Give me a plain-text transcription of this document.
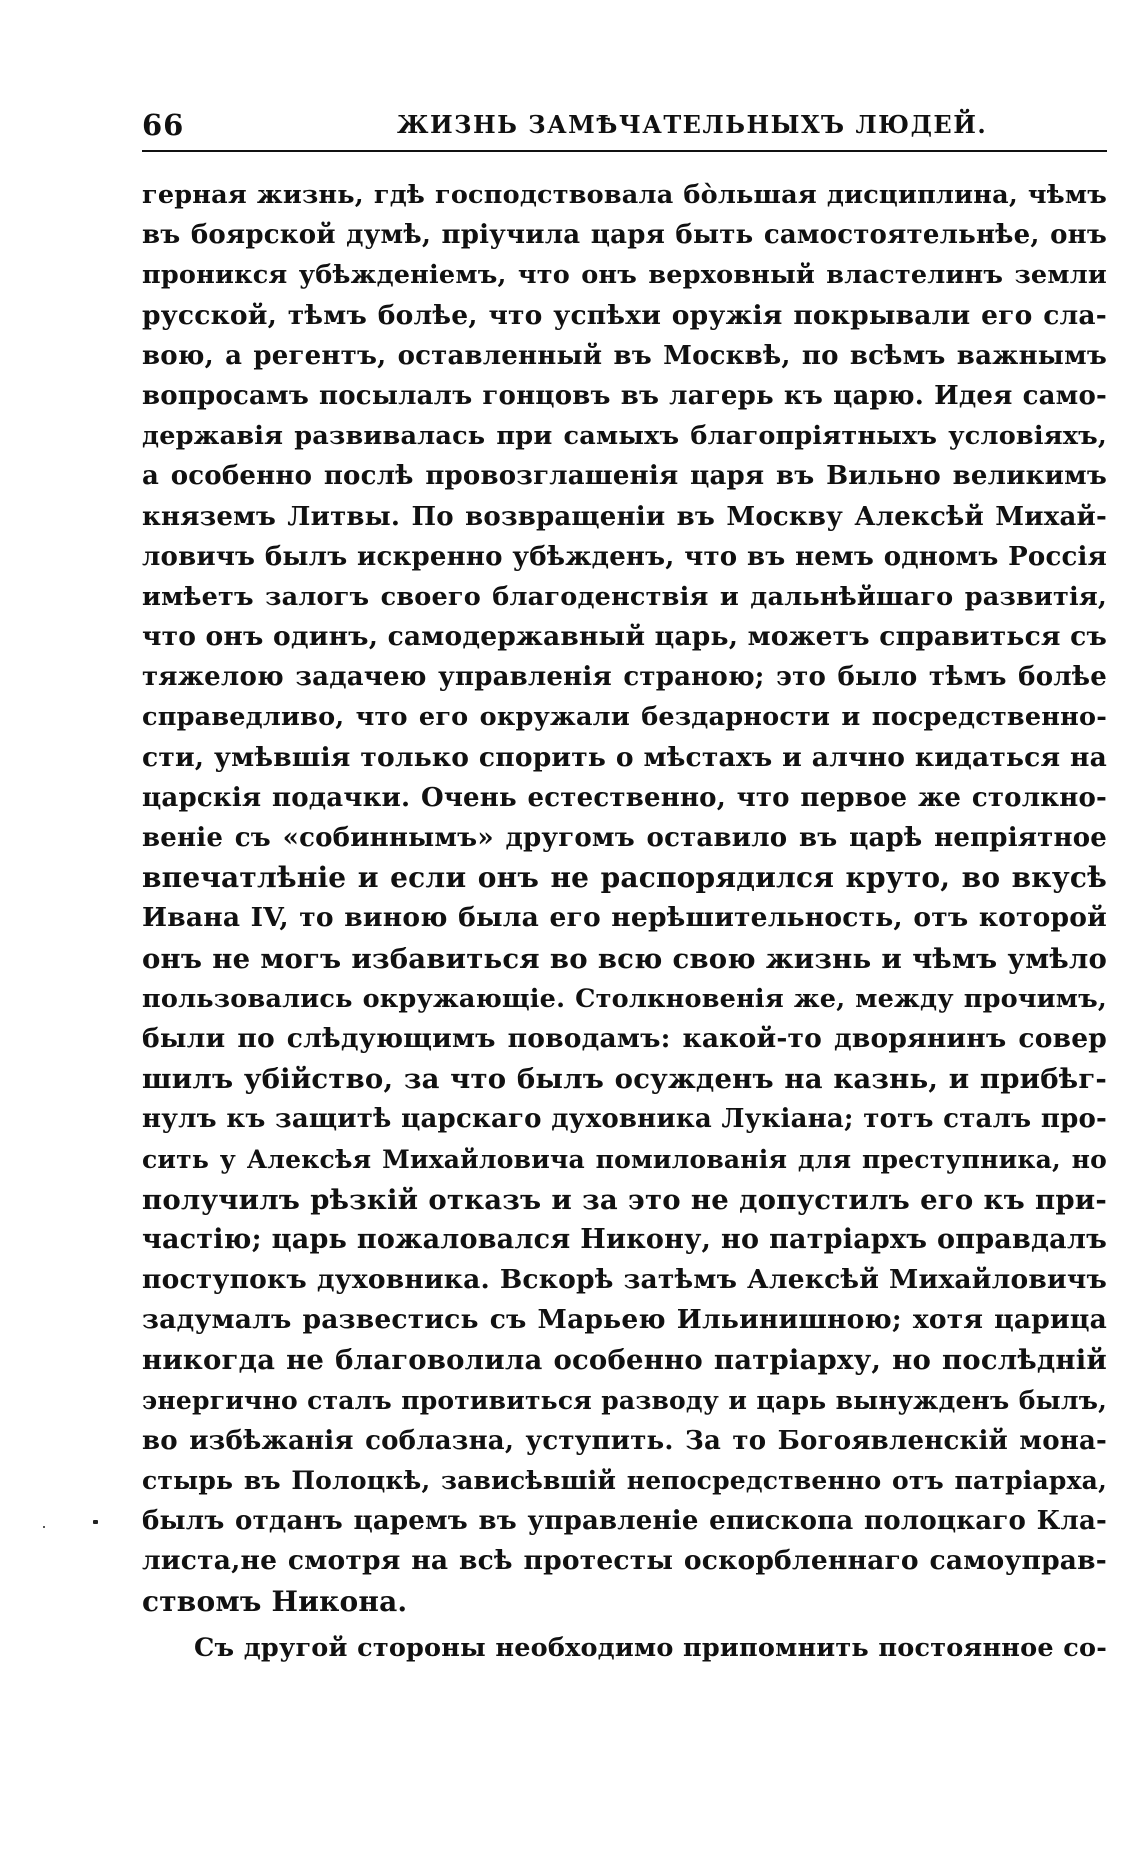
66	ЖИЗНЬ ЗАМѢЧАТЕЛЬНЫХЪ ЛЮДЕЙ.
герная жизнь, гдѣ господствовала бо̀льшая дисциплина, чѣмъ
въ боярской думѣ, пріучила царя быть самостоятельнѣе, онъ
проникся убѣжденіемъ, что онъ верховный властелинъ земли
русской, тѣмъ болѣе, что успѣхи оружія покрывали его сла-
вою, а регентъ, оставленный въ Москвѣ, по всѣмъ важнымъ
вопросамъ посылалъ гонцовъ въ лагерь къ царю. Идея само-
державія развивалась при самыхъ благопріятныхъ условіяхъ,
а особенно послѣ провозглашенія царя въ Вильно великимъ
княземъ Литвы. По возвращеніи въ Москву Алексѣй Михай-
ловичъ былъ искренно убѣжденъ, что въ немъ одномъ Россія
имѣетъ залогъ своего благоденствія и дальнѣйшаго развитія,
что онъ одинъ, самодержавный царь, можетъ справиться съ
тяжелою задачею управленія страною; это было тѣмъ болѣе
справедливо, что его окружали бездарности и посредственно-
сти, умѣвшія только спорить о мѣстахъ и алчно кидаться на
царскія подачки. Очень естественно, что первое же столкно-
веніе съ «собиннымъ» другомъ оставило въ царѣ непріятное
впечатлѣніе и если онъ не распорядился круто, во вкусѣ
Ивана IV, то виною была его нерѣшительность, отъ которой
онъ не могъ избавиться во всю свою жизнь и чѣмъ умѣло
пользовались окружающіе. Столкновенія же, между прочимъ,
были по слѣдующимъ поводамъ: какой-то дворянинъ совер
шилъ убійство, за что былъ осужденъ на казнь, и прибѣг-
нулъ къ защитѣ царскаго духовника Лукіана; тотъ сталъ про-
сить у Алексѣя Михайловича помилованія для преступника, но
получилъ рѣзкій отказъ и за это не допустилъ его къ при-
частію; царь пожаловался Никону, но патріархъ оправдалъ
поступокъ духовника. Вскорѣ затѣмъ Алексѣй Михайловичъ
задумалъ развестись съ Марьею Ильинишною; хотя царица
никогда не благоволила особенно патріарху, но послѣдній
энергично сталъ противиться разводу и царь вынужденъ былъ,
во избѣжанія соблазна, уступить. За то Богоявленскій мона-
стырь въ Полоцкѣ, зависѣвшій непосредственно отъ патріарха,
былъ отданъ царемъ въ управленіе епископа полоцкаго Кла-
листа,не смотря на всѣ протесты оскорбленнаго самоуправ-
ствомъ Никона.
Съ другой стороны необходимо припомнить постоянное со-
